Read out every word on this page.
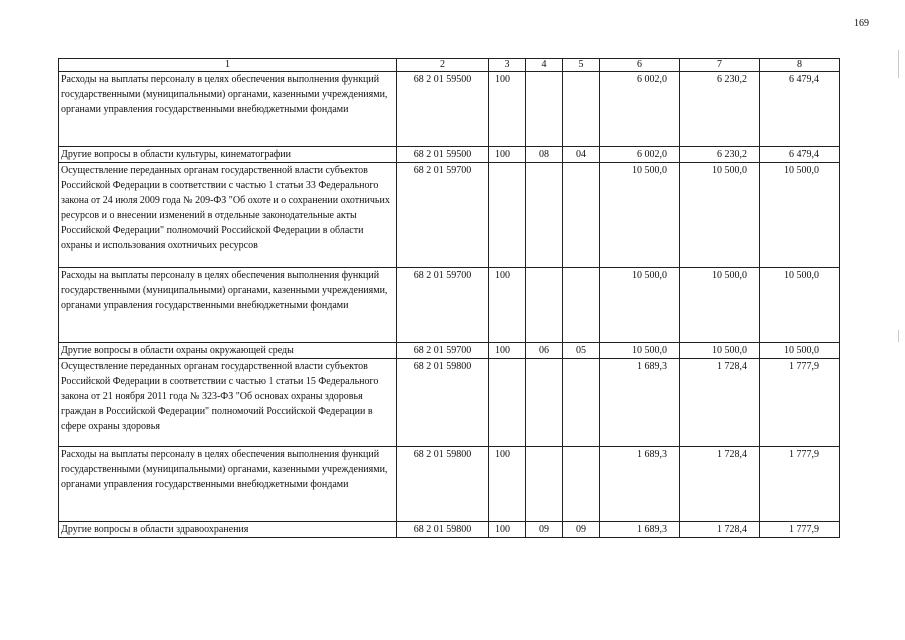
169
1	2	3	4	5	6	7	8
Расходы на выплаты персоналу в целях обеспечения выполнения функций государственными (муниципальными) органами, казенными учреждениями, органами управления государственными внебюджетными фондами	68 2 01 59500	100			6 002,0	6 230,2	6 479,4
Другие вопросы в области культуры, кинематографии	68 2 01 59500	100	08	04	6 002,0	6 230,2	6 479,4
Осуществление переданных органам государственной власти субъектов Российской Федерации в соответствии с частью 1 статьи 33 Федерального закона от 24 июля 2009 года № 209-ФЗ "Об охоте и о сохранении охотничьих ресурсов и о внесении изменений в отдельные законодательные акты Российской Федерации" полномочий Российской Федерации в области охраны и использования охотничьих ресурсов	68 2 01 59700				10 500,0	10 500,0	10 500,0
Расходы на выплаты персоналу в целях обеспечения выполнения функций государственными (муниципальными) органами, казенными учреждениями, органами управления государственными внебюджетными фондами	68 2 01 59700	100			10 500,0	10 500,0	10 500,0
Другие вопросы в области охраны окружающей среды	68 2 01 59700	100	06	05	10 500,0	10 500,0	10 500,0
Осуществление переданных органам государственной власти субъектов Российской Федерации в соответствии с частью 1 статьи 15 Федерального закона от 21 ноября 2011 года № 323-ФЗ "Об основах охраны здоровья граждан в Российской Федерации" полномочий Российской Федерации в сфере охраны здоровья	68 2 01 59800				1 689,3	1 728,4	1 777,9
Расходы на выплаты персоналу в целях обеспечения выполнения функций государственными (муниципальными) органами, казенными учреждениями, органами управления государственными внебюджетными фондами	68 2 01 59800	100			1 689,3	1 728,4	1 777,9
Другие вопросы в области здравоохранения	68 2 01 59800	100	09	09	1 689,3	1 728,4	1 777,9
